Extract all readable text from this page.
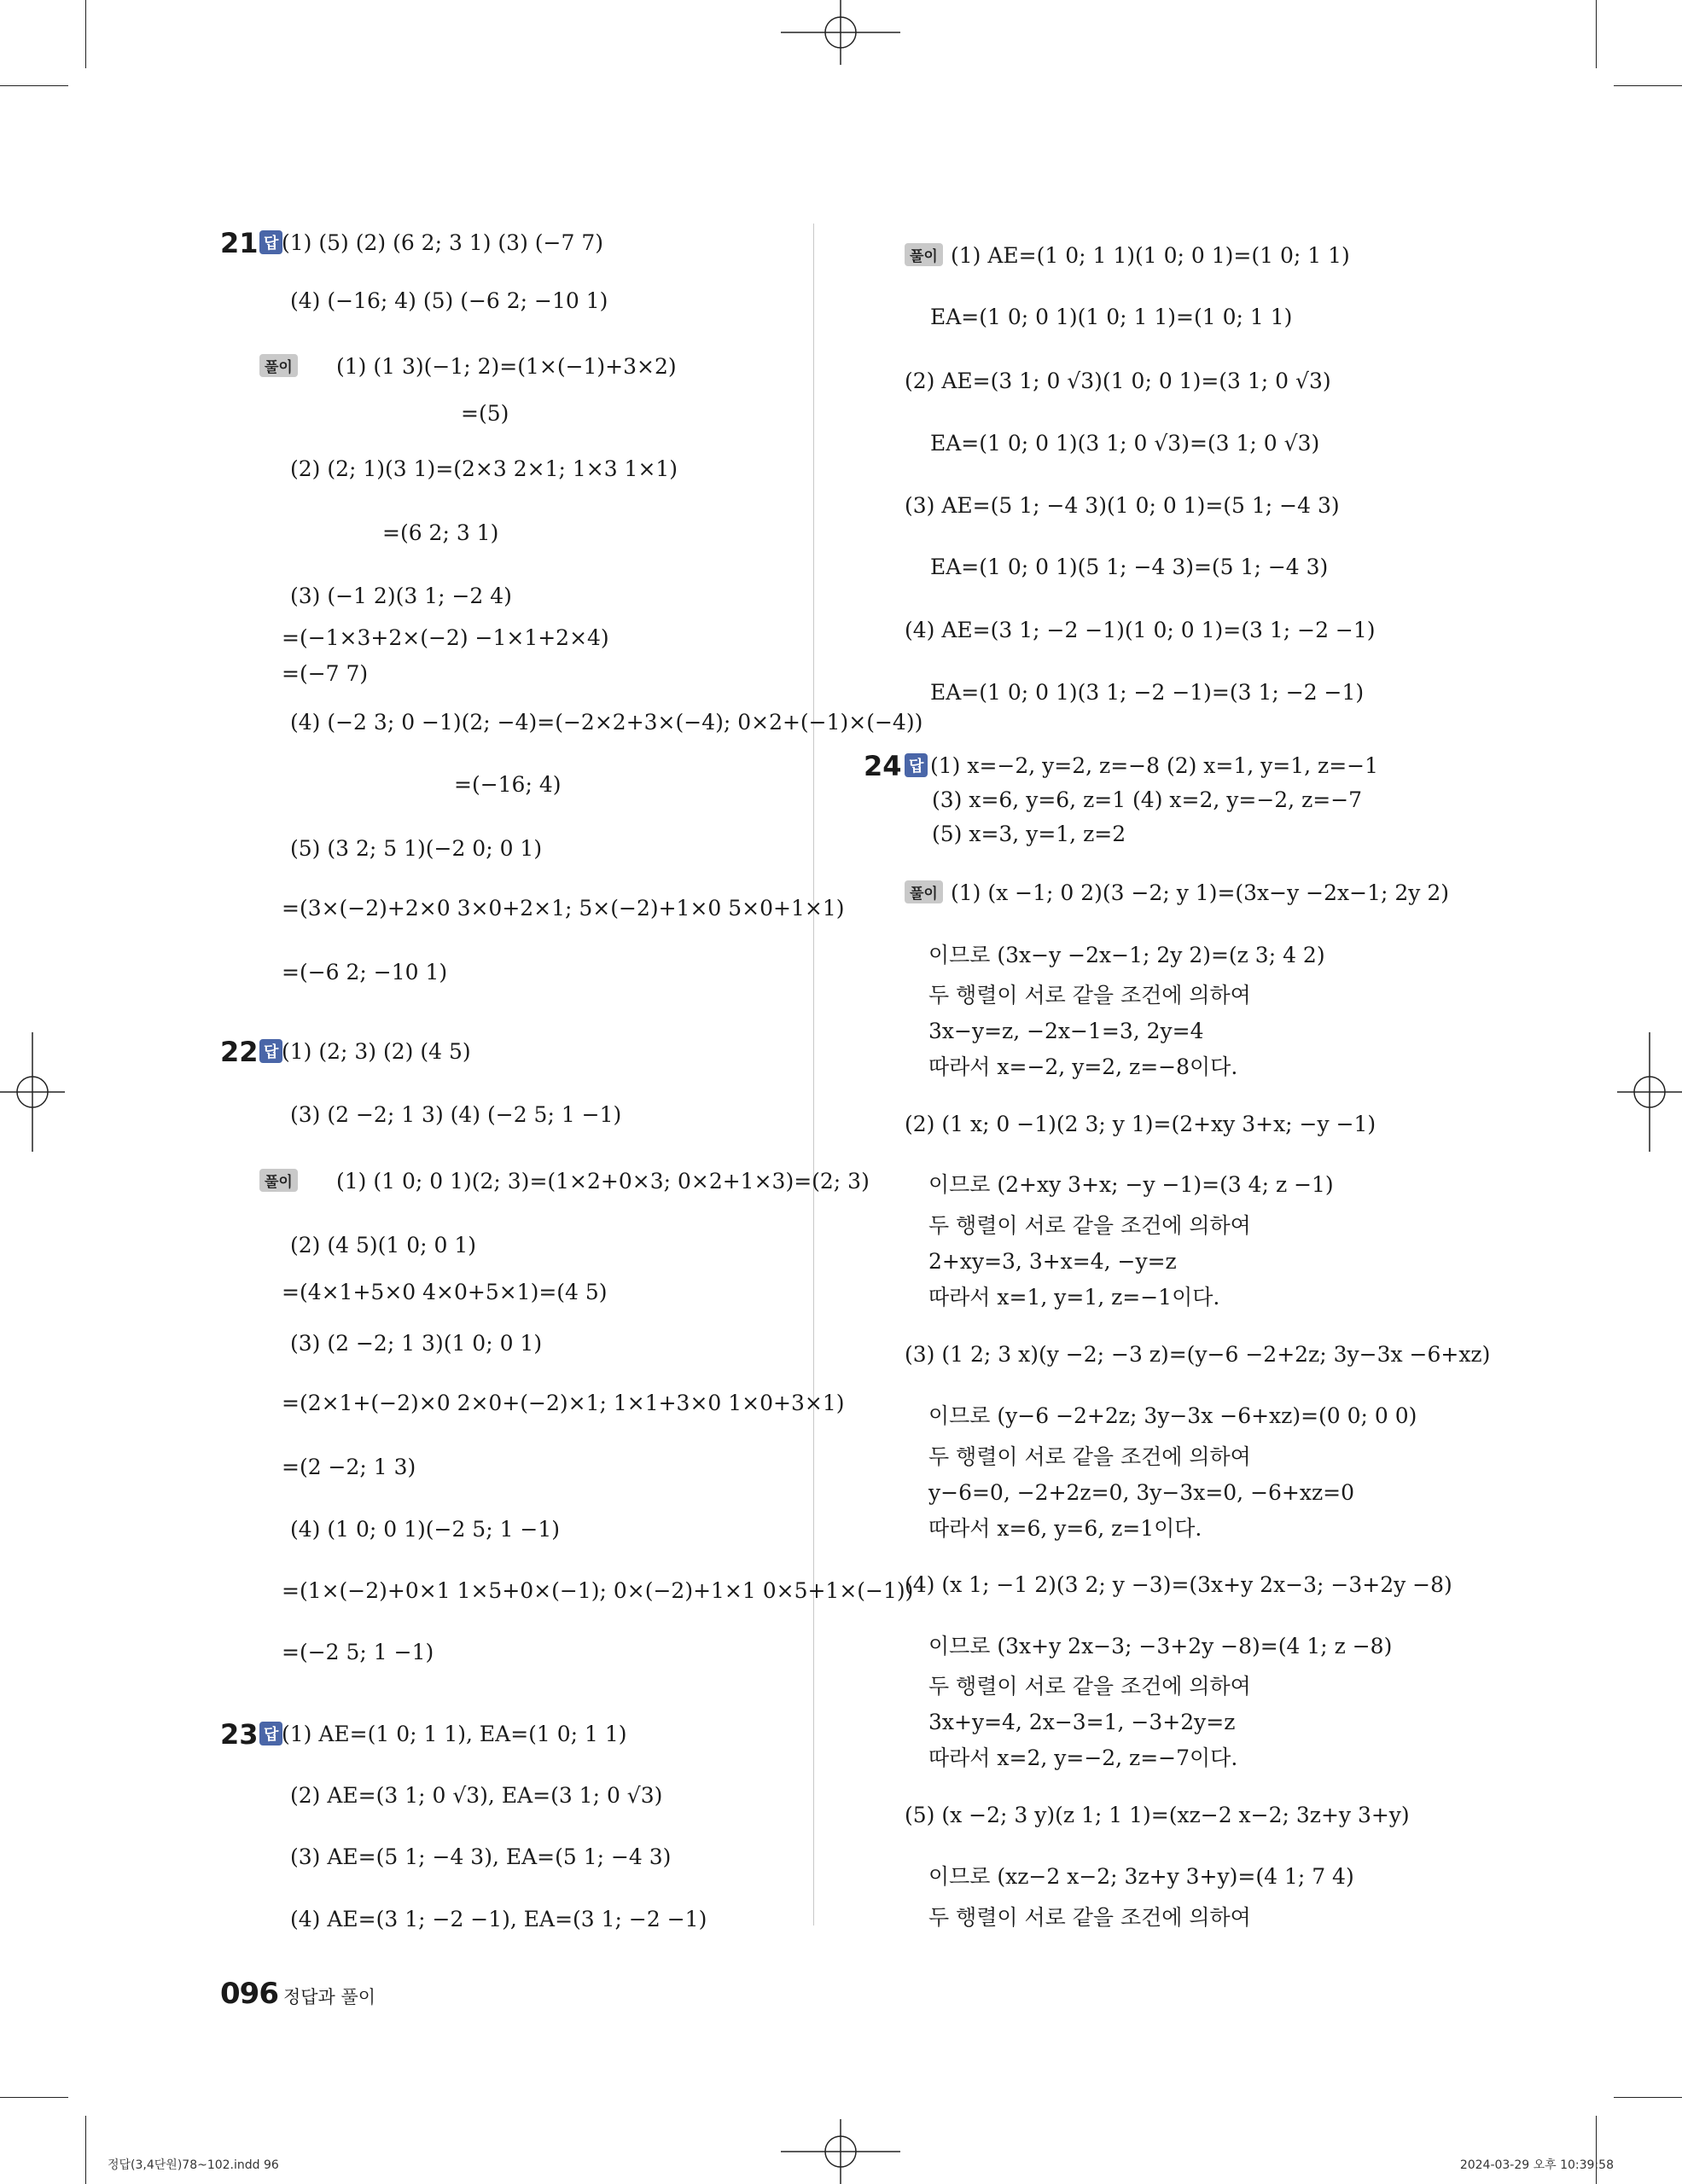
21 답
풀이
22 답
풀이
23 답
풀이
24 답
풀이
(1) (5) (2) (6 2; 3 1) (3) (−7 7)
(4) (−16; 4) (5) (−6 2; −10 1)
(1) (1 3)(−1; 2)=(1×(−1)+3×2)
=(5)
(2) (2; 1)(3 1)=(2×3 2×1; 1×3 1×1)
=(6 2; 3 1)
(3) (−1 2)(3 1; −2 4)
=(−1×3+2×(−2) −1×1+2×4)
=(−7 7)
(4) (−2 3; 0 −1)(2; −4)=(−2×2+3×(−4); 0×2+(−1)×(−4))
=(−16; 4)
(5) (3 2; 5 1)(−2 0; 0 1)
=(3×(−2)+2×0 3×0+2×1; 5×(−2)+1×0 5×0+1×1)
=(−6 2; −10 1)
(1) (2; 3) (2) (4 5)
(3) (2 −2; 1 3) (4) (−2 5; 1 −1)
(1) (1 0; 0 1)(2; 3)=(1×2+0×3; 0×2+1×3)=(2; 3)
(2) (4 5)(1 0; 0 1)
=(4×1+5×0 4×0+5×1)=(4 5)
(3) (2 −2; 1 3)(1 0; 0 1)
=(2×1+(−2)×0 2×0+(−2)×1; 1×1+3×0 1×0+3×1)
=(2 −2; 1 3)
(4) (1 0; 0 1)(−2 5; 1 −1)
=(1×(−2)+0×1 1×5+0×(−1); 0×(−2)+1×1 0×5+1×(−1))
=(−2 5; 1 −1)
(1) AE=(1 0; 1 1), EA=(1 0; 1 1)
(2) AE=(3 1; 0 √3), EA=(3 1; 0 √3)
(3) AE=(5 1; −4 3), EA=(5 1; −4 3)
(4) AE=(3 1; −2 −1), EA=(3 1; −2 −1)
(1) AE=(1 0; 1 1)(1 0; 0 1)=(1 0; 1 1)
EA=(1 0; 0 1)(1 0; 1 1)=(1 0; 1 1)
(2) AE=(3 1; 0 √3)(1 0; 0 1)=(3 1; 0 √3)
EA=(1 0; 0 1)(3 1; 0 √3)=(3 1; 0 √3)
(3) AE=(5 1; −4 3)(1 0; 0 1)=(5 1; −4 3)
EA=(1 0; 0 1)(5 1; −4 3)=(5 1; −4 3)
(4) AE=(3 1; −2 −1)(1 0; 0 1)=(3 1; −2 −1)
EA=(1 0; 0 1)(3 1; −2 −1)=(3 1; −2 −1)
(1) x=−2, y=2, z=−8 (2) x=1, y=1, z=−1
(3) x=6, y=6, z=1 (4) x=2, y=−2, z=−7
(5) x=3, y=1, z=2
(1) (x −1; 0 2)(3 −2; y 1)=(3x−y −2x−1; 2y 2)
이므로 (3x−y −2x−1; 2y 2)=(z 3; 4 2)
두 행렬이 서로 같을 조건에 의하여
3x−y=z, −2x−1=3, 2y=4
따라서 x=−2, y=2, z=−8이다.
(2) (1 x; 0 −1)(2 3; y 1)=(2+xy 3+x; −y −1)
이므로 (2+xy 3+x; −y −1)=(3 4; z −1)
두 행렬이 서로 같을 조건에 의하여
2+xy=3, 3+x=4, −y=z
따라서 x=1, y=1, z=−1이다.
(3) (1 2; 3 x)(y −2; −3 z)=(y−6 −2+2z; 3y−3x −6+xz)
이므로 (y−6 −2+2z; 3y−3x −6+xz)=(0 0; 0 0)
두 행렬이 서로 같을 조건에 의하여
y−6=0, −2+2z=0, 3y−3x=0, −6+xz=0
따라서 x=6, y=6, z=1이다.
(4) (x 1; −1 2)(3 2; y −3)=(3x+y 2x−3; −3+2y −8)
이므로 (3x+y 2x−3; −3+2y −8)=(4 1; z −8)
두 행렬이 서로 같을 조건에 의하여
3x+y=4, 2x−3=1, −3+2y=z
따라서 x=2, y=−2, z=−7이다.
(5) (x −2; 3 y)(z 1; 1 1)=(xz−2 x−2; 3z+y 3+y)
이므로 (xz−2 x−2; 3z+y 3+y)=(4 1; 7 4)
두 행렬이 서로 같을 조건에 의하여
096 정답과 풀이
정답(3,4단원)78~102.indd 96	2024-03-29 오후 10:39:58
